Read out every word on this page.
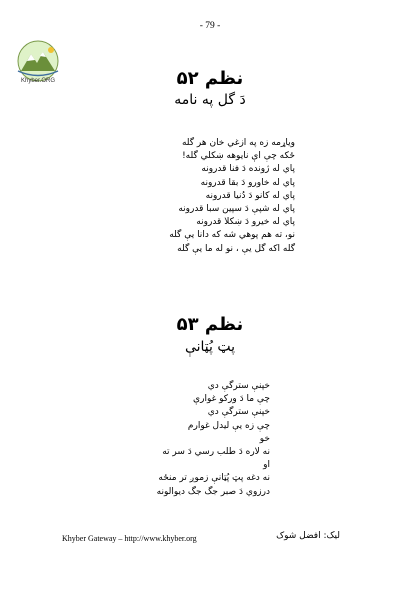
- 79 -
Khyber.ORG	نظم ۵۲
دَ گل په نامه
وياړمه زه په ازغي خان هر گله
ځکه چې اې نايوهه ښکلي گله!
پاي له ژونده دَ فنا قدرونه
پاي له خاورو دَ بقا قدرونه
پاي له کانو دَ دُنيا قدرونه
پاي له شپې دَ سپين سبا قدرونه
پاي له خيرو دَ ښکلا قدرونه
نو، ته هم پوهي شه که دانا يې گله
گله اکه گل يې ، نو له ما يې گله
نظم ۵۳
پټ پُټانې
خپنې سترگې دي
چې ما دَ ورکو غوارې
خپنې سترگې دي
چې زه يې ليدل غوارم
خو
نه لاره دَ طلب رسي دَ سر ته
او
نه دغه پټ پُټانې زموږ تر منځه
درزوي دَ صبر جگ جگ ديوالونه
Khyber Gateway – http://www.khyber.org	ليک: افضل شوک
